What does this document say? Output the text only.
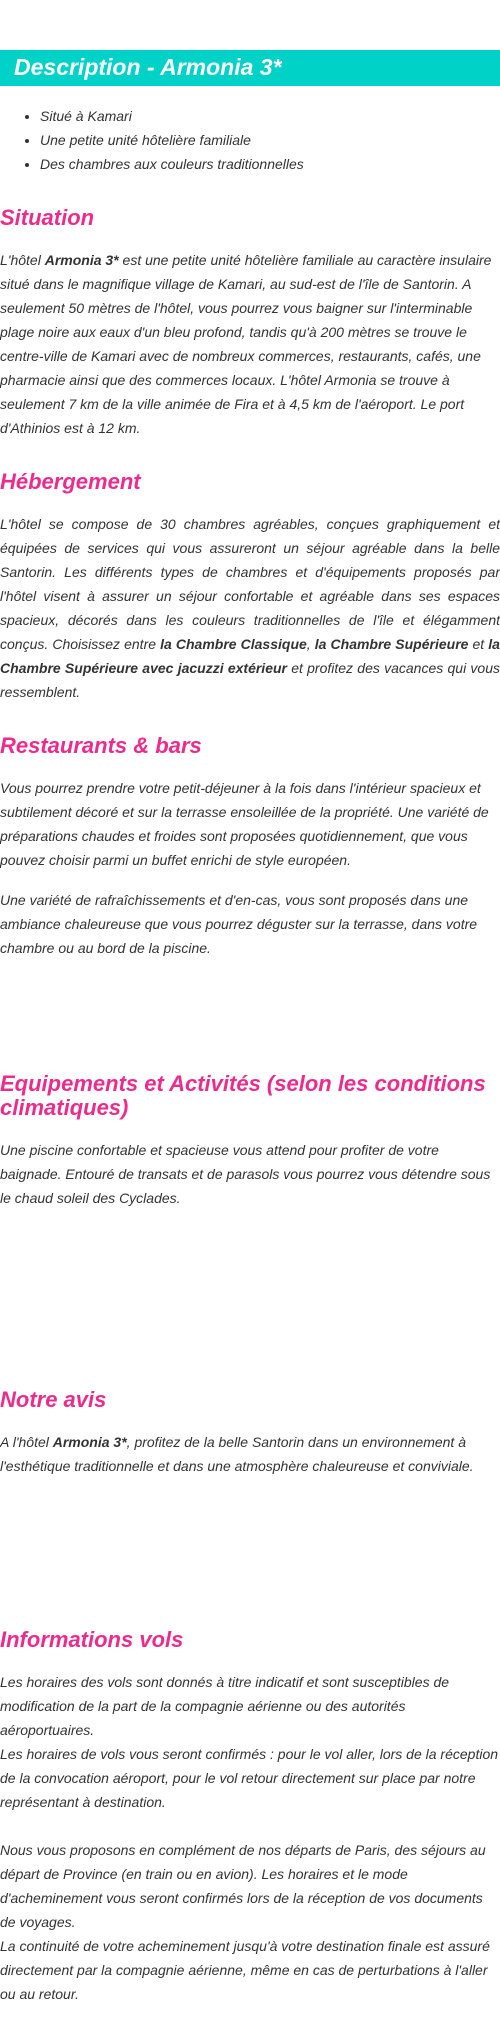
Description - Armonia 3*
• Situé à Kamari
• Une petite unité hôtelière familiale
• Des chambres aux couleurs traditionnelles
Situation

L'hôtel Armonia 3* est une petite unité hôtelière familiale au caractère insulaire situé dans le magnifique village de Kamari, au sud-est de l'île de Santorin. A seulement 50 mètres de l'hôtel, vous pourrez vous baigner sur l'interminable plage noire aux eaux d'un bleu profond, tandis qu'à 200 mètres se trouve le centre-ville de Kamari avec de nombreux commerces, restaurants, cafés, une pharmacie ainsi que des commerces locaux. L'hôtel Armonia se trouve à seulement 7 km de la ville animée de Fira et à 4,5 km de l'aéroport. Le port d'Athinios est à 12 km.

Hébergement

L'hôtel se compose de 30 chambres agréables, conçues graphiquement et équipées de services qui vous assureront un séjour agréable dans la belle Santorin. Les différents types de chambres et d'équipements proposés par l'hôtel visent à assurer un séjour confortable et agréable dans ses espaces spacieux, décorés dans les couleurs traditionnelles de l'île et élégamment conçus. Choisissez entre la Chambre Classique, la Chambre Supérieure et la Chambre Supérieure avec jacuzzi extérieur et profitez des vacances qui vous ressemblent.

Restaurants & bars

Vous pourrez prendre votre petit-déjeuner à la fois dans l'intérieur spacieux et subtilement décoré et sur la terrasse ensoleillée de la propriété. Une variété de préparations chaudes et froides sont proposées quotidiennement, que vous pouvez choisir parmi un buffet enrichi de style européen.

Une variété de rafraîchissements et d'en-cas, vous sont proposés dans une ambiance chaleureuse que vous pourrez déguster sur la terrasse, dans votre chambre ou au bord de la piscine.

Equipements et Activités (selon les conditions climatiques)

Une piscine confortable et spacieuse vous attend pour profiter de votre baignade. Entouré de transats et de parasols vous pourrez vous détendre sous le chaud soleil des Cyclades.

Notre avis

A l'hôtel Armonia 3*, profitez de la belle Santorin dans un environnement à l'esthétique traditionnelle et dans une atmosphère chaleureuse et conviviale.

Informations vols

Les horaires des vols sont donnés à titre indicatif et sont susceptibles de modification de la part de la compagnie aérienne ou des autorités aéroportuaires.

Les horaires de vols vous seront confirmés : pour le vol aller, lors de la réception de la convocation aéroport, pour le vol retour directement sur place par notre représentant à destination.

Nous vous proposons en complément de nos départs de Paris, des séjours au départ de Province (en train ou en avion). Les horaires et le mode d'acheminement vous seront confirmés lors de la réception de vos documents de voyages.

La continuité de votre acheminement jusqu'à votre destination finale est assuré directement par la compagnie aérienne, même en cas de perturbations à l'aller ou au retour.
